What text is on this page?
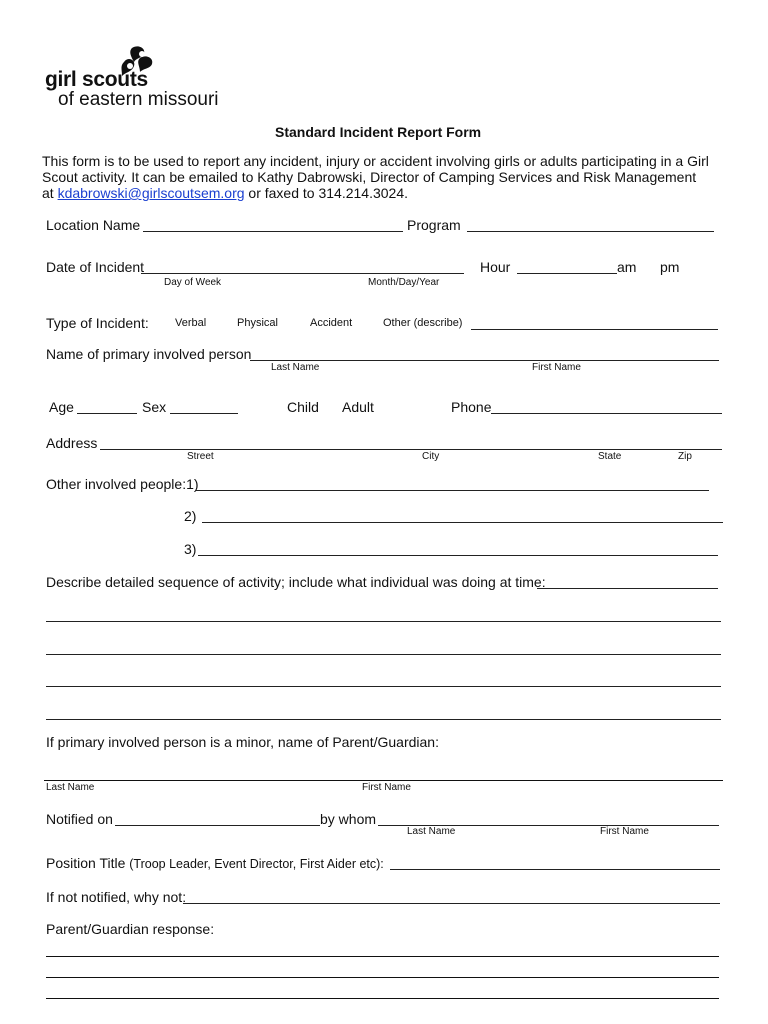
girl scouts
of eastern missouri
Standard Incident Report Form
This form is to be used to report any incident, injury or accident involving girls or adults participating in a Girl
Scout activity. It can be emailed to Kathy Dabrowski, Director of Camping Services and Risk Management
at kdabrowski@girlscoutsem.org or faxed to 314.214.3024.
Location Name	Program
Date of Incident
Day of Week	Month/Day/Year
Hour	am pm
Type of Incident: Verbal	Physical	Accident	Other (describe)
Name of primary involved person
Last Name	First Name
Age	Sex	Child Adult	Phone
Address
Street	City	State	Zip
Other involved people:1)
2)
3)
Describe detailed sequence of activity; include what individual was doing at time:
If primary involved person is a minor, name of Parent/Guardian:
Last Name	First Name
Notified on	by whom
Last Name	First Name
Position Title (Troop Leader, Event Director, First Aider etc):
If not notified, why not:
Parent/Guardian response:
